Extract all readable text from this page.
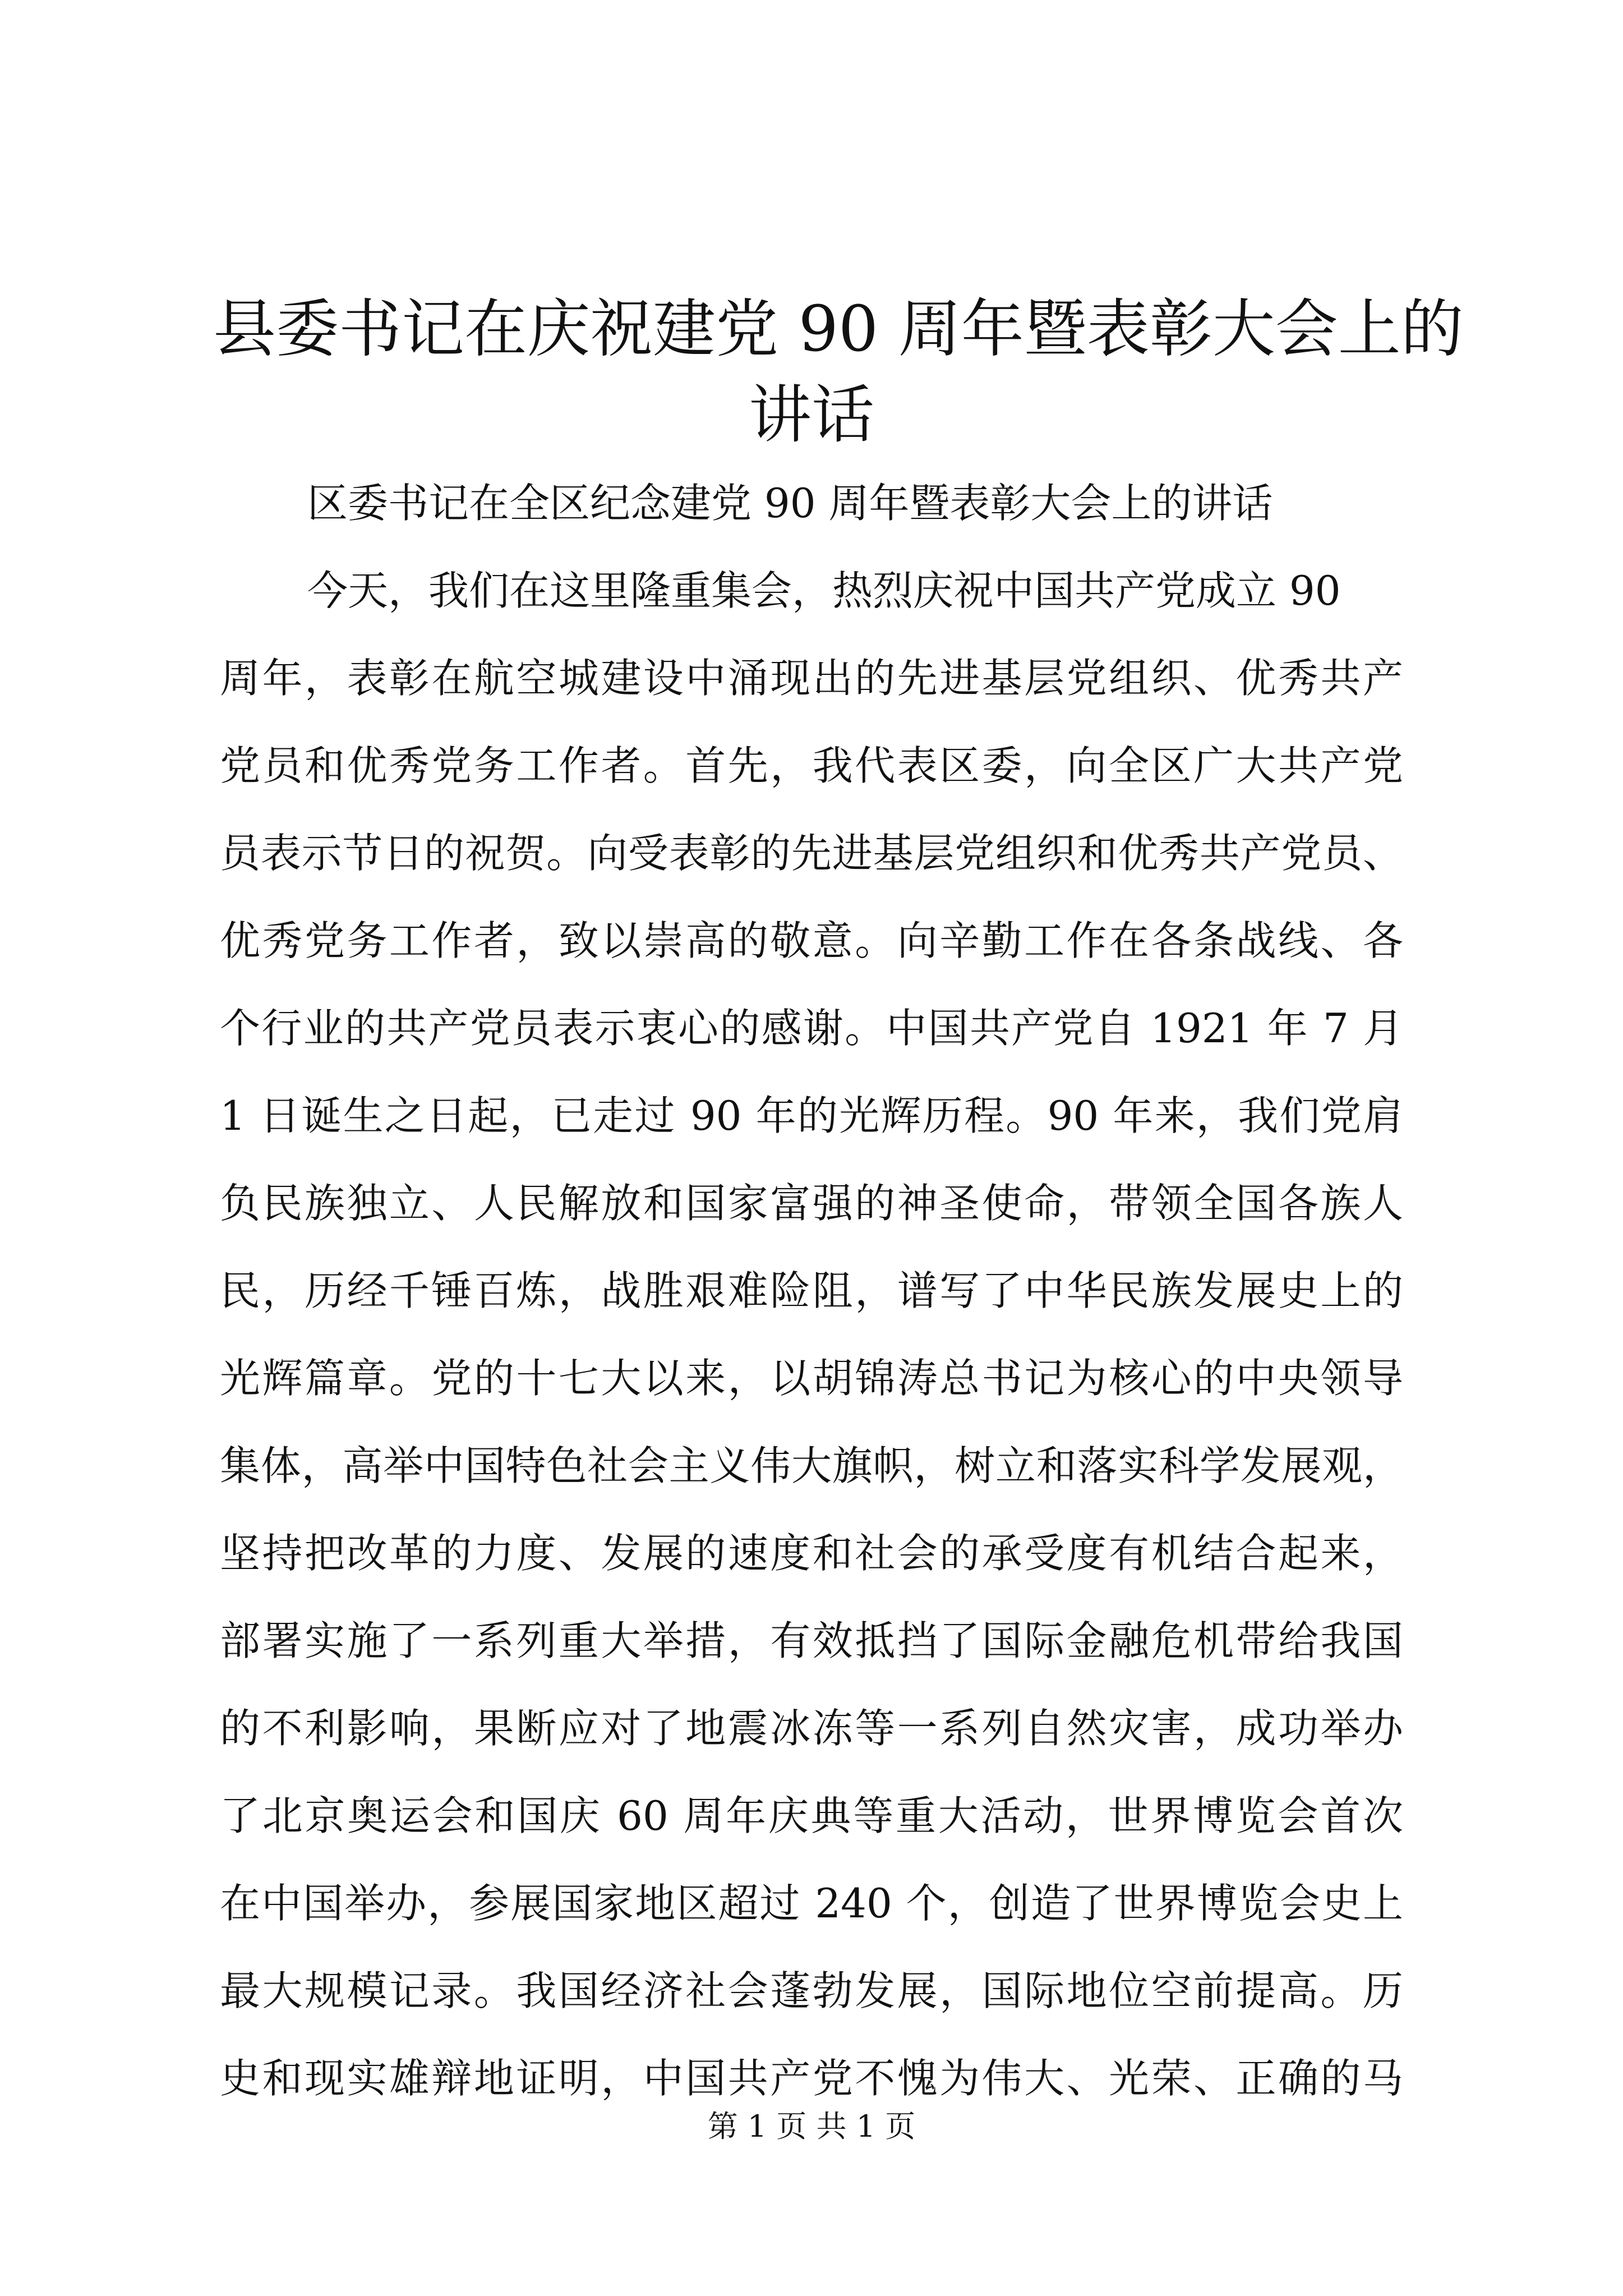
县委书记在庆祝建党 90 周年暨表彰大会上的
讲话

区委书记在全区纪念建党 90 周年暨表彰大会上的讲话

今天，我们在这里隆重集会，热烈庆祝中国共产党成立 90

周年，表彰在航空城建设中涌现出的先进基层党组织、优秀共产

党员和优秀党务工作者。首先，我代表区委，向全区广大共产党

员表示节日的祝贺。向受表彰的先进基层党组织和优秀共产党员、

优秀党务工作者，致以崇高的敬意。向辛勤工作在各条战线、各

个行业的共产党员表示衷心的感谢。中国共产党自 1921 年 7 月

1 日诞生之日起，已走过 90 年的光辉历程。90 年来，我们党肩

负民族独立、人民解放和国家富强的神圣使命，带领全国各族人

民，历经千锤百炼，战胜艰难险阻，谱写了中华民族发展史上的

光辉篇章。党的十七大以来，以胡锦涛总书记为核心的中央领导

集体，高举中国特色社会主义伟大旗帜，树立和落实科学发展观，

坚持把改革的力度、发展的速度和社会的承受度有机结合起来，

部署实施了一系列重大举措，有效抵挡了国际金融危机带给我国

的不利影响，果断应对了地震冰冻等一系列自然灾害，成功举办

了北京奥运会和国庆 60 周年庆典等重大活动，世界博览会首次

在中国举办，参展国家地区超过 240 个，创造了世界博览会史上

最大规模记录。我国经济社会蓬勃发展，国际地位空前提高。历

史和现实雄辩地证明，中国共产党不愧为伟大、光荣、正确的马

第 1 页 共 1 页
